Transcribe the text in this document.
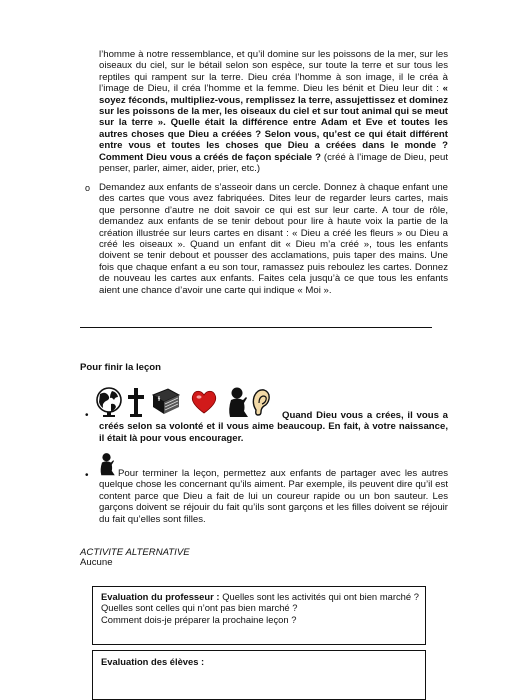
l’homme à notre ressemblance, et qu’il domine sur les poissons de la mer, sur les oiseaux du ciel, sur le bétail selon son espèce, sur toute la terre et sur tous les reptiles qui rampent sur la terre. Dieu créa l’homme à son image, il le créa à l’image de Dieu, il créa l’homme et la femme. Dieu les bénit et Dieu leur dit : « soyez féconds, multipliez-vous, remplissez la terre, assujettissez et dominez sur les poissons de la mer, les oiseaux du ciel et sur tout animal qui se meut sur la terre ». Quelle était la différence entre Adam et Eve et toutes les autres choses que Dieu a créées ? Selon vous, qu’est ce qui était différent entre vous et toutes les choses que Dieu a créées dans le monde ? Comment Dieu vous a créés de façon spéciale ? (créé à l’image de Dieu, peut penser, parler, aimer, aider, prier, etc.)
o Demandez aux enfants de s’asseoir dans un cercle. Donnez à chaque enfant une des cartes que vous avez fabriquées. Dites leur de regarder leurs cartes, mais que personne d’autre ne doit savoir ce qui est sur leur carte. A tour de rôle, demandez aux enfants de se tenir debout pour lire à haute voix la partie de la création illustrée sur leurs cartes en disant : « Dieu a créé les fleurs » ou Dieu a créé les oiseaux ». Quand un enfant dit « Dieu m’a créé », tous les enfants doivent se tenir debout et pousser des acclamations, puis taper des mains. Une fois que chaque enfant a eu son tour, ramassez puis reboulez les cartes. Donnez de nouveau les cartes aux enfants. Faites cela jusqu’à ce que tous les enfants aient une chance d’avoir une carte qui indique « Moi ».
Pour finir la leçon
•	Quand Dieu vous a crées, il vous a créés selon sa volonté et il vous aime beaucoup. En fait, à votre naissance, il était là pour vous encourager.
•	Pour terminer la leçon, permettez aux enfants de partager avec les autres quelque chose les concernant qu’ils aiment. Par exemple, ils peuvent dire qu’il est content parce que Dieu a fait de lui un coureur rapide ou un bon sauteur. Les garçons doivent se réjouir du fait qu’ils sont garçons et les filles doivent se réjouir du fait qu’elles sont filles.
ACTIVITE ALTERNATIVE
Aucune
Evaluation du professeur : Quelles sont les activités qui ont bien marché ? Quelles sont celles qui n’ont pas bien marché ?
Comment dois-je préparer la prochaine leçon ?
Evaluation des élèves :
